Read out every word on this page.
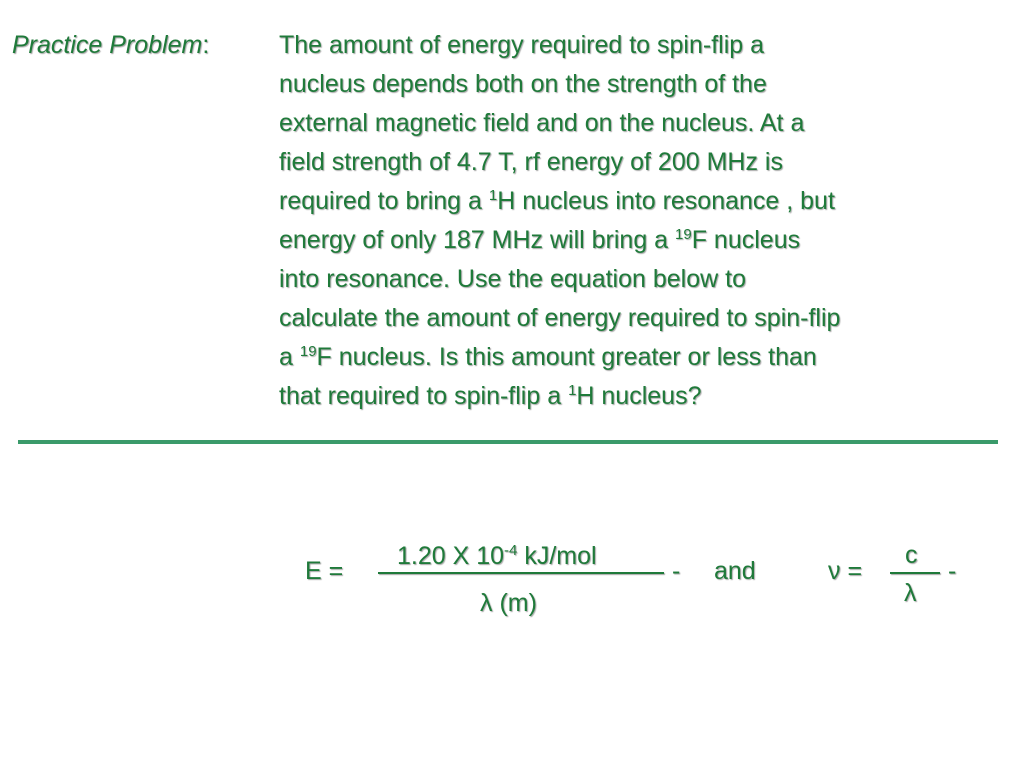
Practice Problem:	The amount of energy required to spin-flip a
nucleus depends both on the strength of the
external magnetic field and on the nucleus. At a
field strength of 4.7 T, rf energy of 200 MHz is
required to bring a $^1$H nucleus into resonance , but
energy of only 187 MHz will bring a $^{19}$F nucleus
into resonance. Use the equation below to
calculate the amount of energy required to spin-flip
a $^{19}$F nucleus. Is this amount greater or less than
that required to spin-flip a $^1$H nucleus?
E =
1.20 X $10^{-4}$ kJ/mol
-
λ (m)
and	ν =
c
-
λ
